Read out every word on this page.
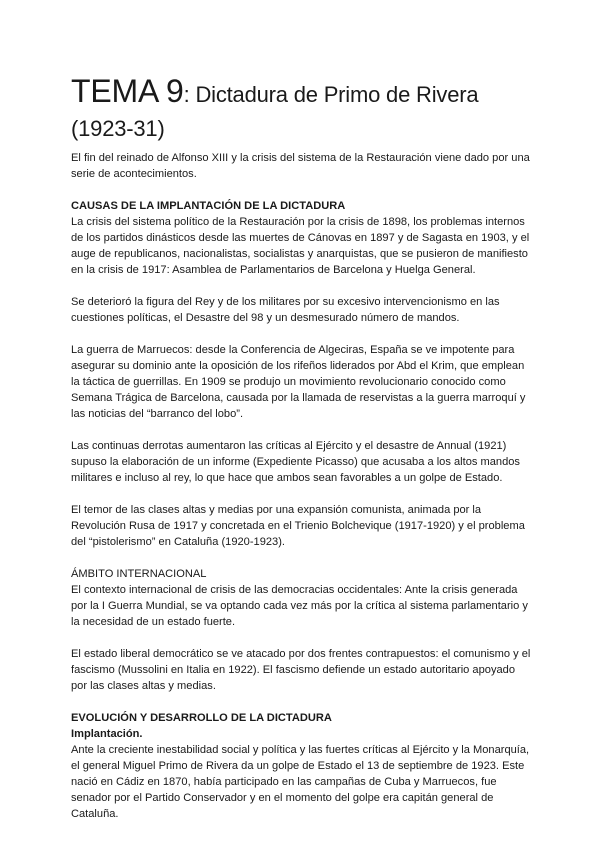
TEMA 9: Dictadura de Primo de Rivera (1923-31)

El fin del reinado de Alfonso XIII y la crisis del sistema de la Restauración viene dado por una serie de acontecimientos.

CAUSAS DE LA IMPLANTACIÓN DE LA DICTADURA

La crisis del sistema político de la Restauración por la crisis de 1898, los problemas internos de los partidos dinásticos desde las muertes de Cánovas en 1897 y de Sagasta en 1903, y el auge de republicanos, nacionalistas, socialistas y anarquistas, que se pusieron de manifiesto en la crisis de 1917: Asamblea de Parlamentarios de Barcelona y Huelga General.

Se deterioró la figura del Rey y de los militares por su excesivo intervencionismo en las cuestiones políticas, el Desastre del 98 y un desmesurado número de mandos.

La guerra de Marruecos: desde la Conferencia de Algeciras, España se ve impotente para asegurar su dominio ante la oposición de los rifeños liderados por Abd el Krim, que emplean la táctica de guerrillas. En 1909 se produjo un movimiento revolucionario conocido como Semana Trágica de Barcelona, causada por la llamada de reservistas a la guerra marroquí y las noticias del “barranco del lobo”.

Las continuas derrotas aumentaron las críticas al Ejército y el desastre de Annual (1921) supuso la elaboración de un informe (Expediente Picasso) que acusaba a los altos mandos militares e incluso al rey, lo que hace que ambos sean favorables a un golpe de Estado.

El temor de las clases altas y medias por una expansión comunista, animada por la Revolución Rusa de 1917 y concretada en el Trienio Bolchevique (1917-1920) y el problema del “pistolerismo” en Cataluña (1920-1923).

ÁMBITO INTERNACIONAL

El contexto internacional de crisis de las democracias occidentales: Ante la crisis generada por la I Guerra Mundial, se va optando cada vez más por la crítica al sistema parlamentario y la necesidad de un estado fuerte.

El estado liberal democrático se ve atacado por dos frentes contrapuestos: el comunismo y el fascismo (Mussolini en Italia en 1922). El fascismo defiende un estado autoritario apoyado por las clases altas y medias.

EVOLUCIÓN Y DESARROLLO DE LA DICTADURA
Implantación.

Ante la creciente inestabilidad social y política y las fuertes críticas al Ejército y la Monarquía, el general Miguel Primo de Rivera da un golpe de Estado el 13 de septiembre de 1923. Este nació en Cádiz en 1870, había participado en las campañas de Cuba y Marruecos, fue senador por el Partido Conservador y en el momento del golpe era capitán general de Cataluña.
